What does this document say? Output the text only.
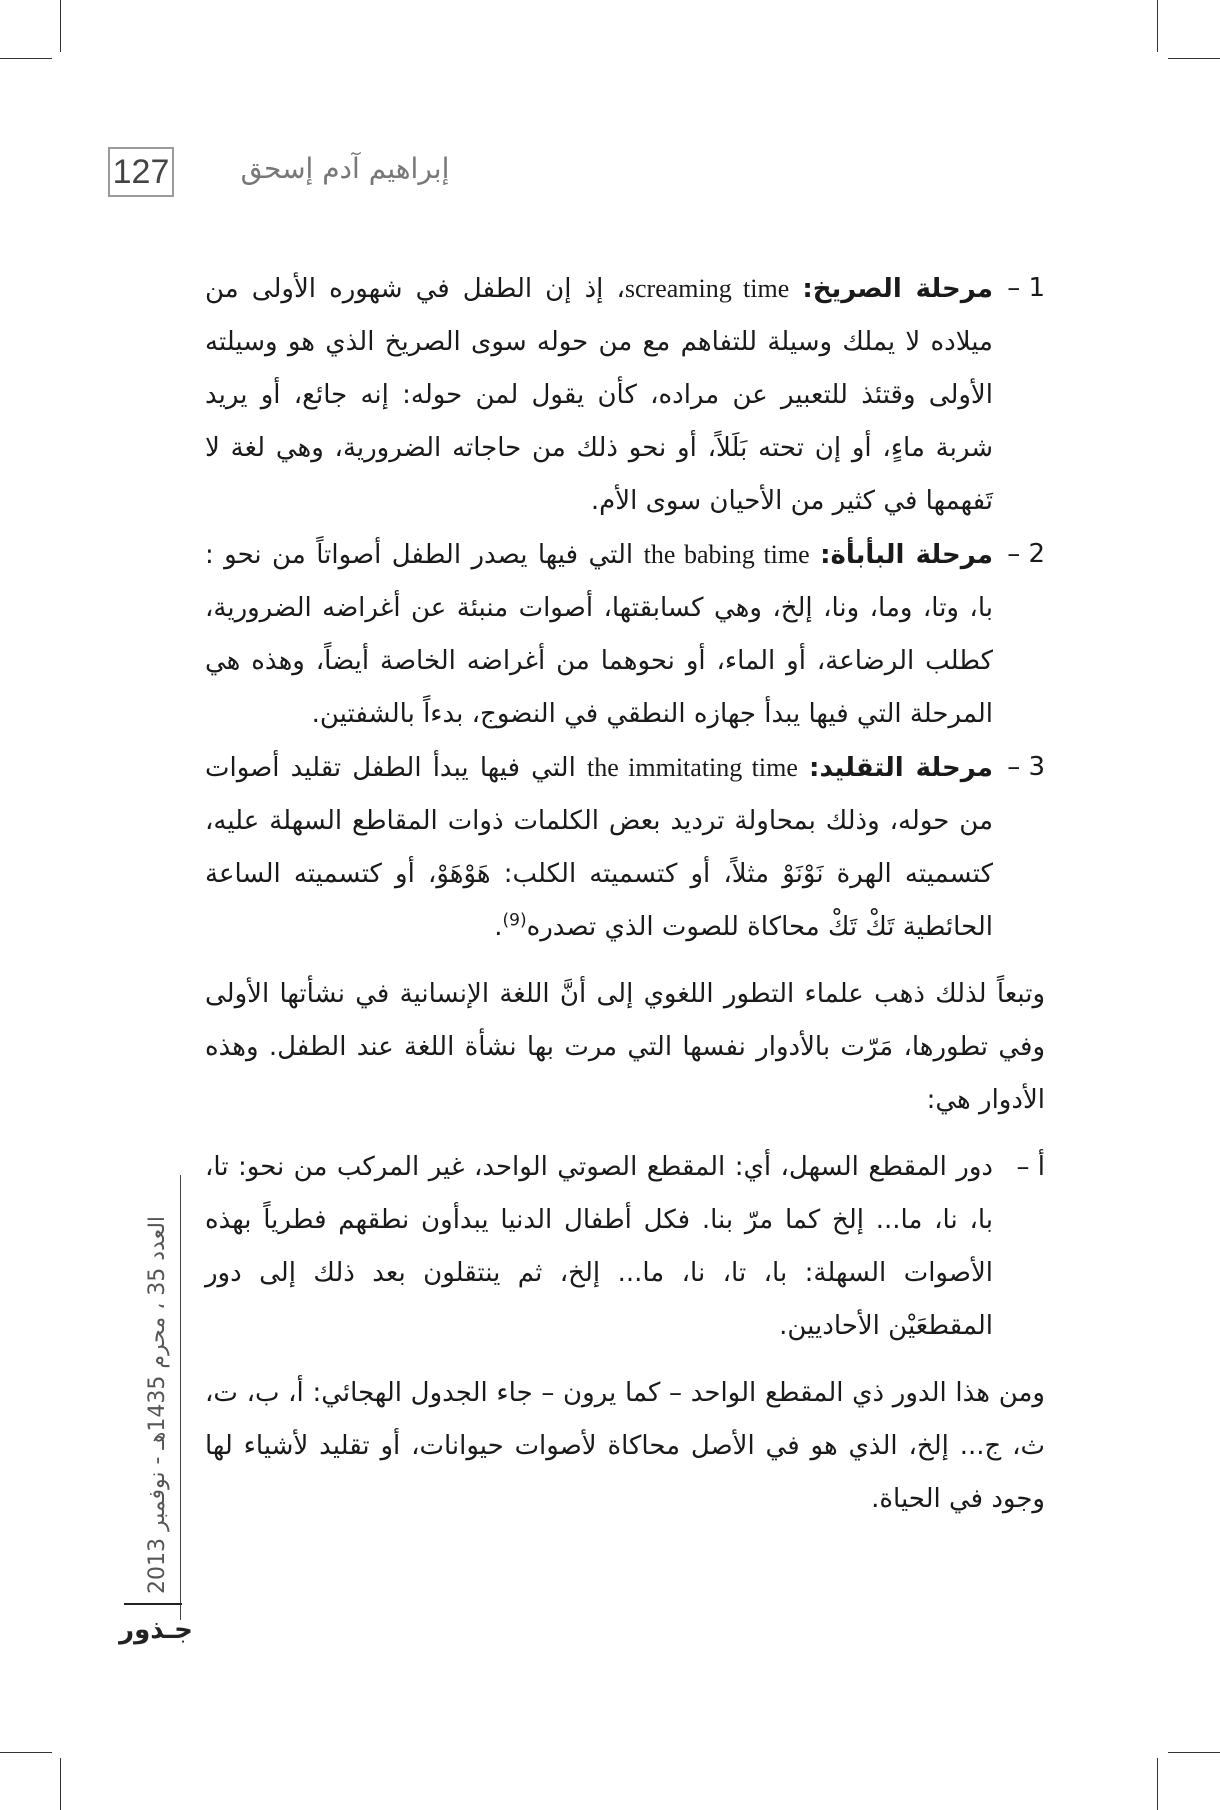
127	إبراهيم آدم إسحق

1 –
مرحلة الصريخ: screaming time، إذ إن الطفل في شهوره الأولى من ميلاده لا يملك وسيلة للتفاهم مع من حوله سوى الصريخ الذي هو وسيلته الأولى وقتئذ للتعبير عن مراده، كأن يقول لمن حوله: إنه جائع، أو يريد شربة ماءٍ، أو إن تحته بَلَلاً، أو نحو ذلك من حاجاته الضرورية، وهي لغة لا تَفهمها في كثير من الأحيان سوى الأم.

2 –
مرحلة البأبأة: the babing time التي فيها يصدر الطفل أصواتاً من نحو : با، وتا، وما، ونا، إلخ، وهي كسابقتها، أصوات منبئة عن أغراضه الضرورية، كطلب الرضاعة، أو الماء، أو نحوهما من أغراضه الخاصة أيضاً، وهذه هي المرحلة التي فيها يبدأ جهازه النطقي في النضوج، بدءاً بالشفتين.

3 –
مرحلة التقليد: the immitating time التي فيها يبدأ الطفل تقليد أصوات من حوله، وذلك بمحاولة ترديد بعض الكلمات ذوات المقاطع السهلة عليه، كتسميته الهرة نَوْنَوْ مثلاً، أو كتسميته الكلب: هَوْهَوْ، أو كتسميته الساعة الحائطية تَكْ تَكْ محاكاة للصوت الذي تصدره$^{(9)}$.

وتبعاً لذلك ذهب علماء التطور اللغوي إلى أنَّ اللغة الإنسانية في نشأتها الأولى وفي تطورها، مَرّت بالأدوار نفسها التي مرت بها نشأة اللغة عند الطفل. وهذه الأدوار هي:

أ –
دور المقطع السهل، أي: المقطع الصوتي الواحد، غير المركب من نحو: تا، با، نا، ما... إلخ كما مرّ بنا. فكل أطفال الدنيا يبدأون نطقهم فطرياً بهذه الأصوات السهلة: با، تا، نا، ما... إلخ، ثم ينتقلون بعد ذلك إلى دور المقطعَيْن الأحاديين.

ومن هذا الدور ذي المقطع الواحد – كما يرون – جاء الجدول الهجائي: أ، ب، ت، ث، ج... إلخ، الذي هو في الأصل محاكاة لأصوات حيوانات، أو تقليد لأشياء لها وجود في الحياة.

العدد 35 ، محرم 1435هـ - نوفمبر 2013
جـذور
